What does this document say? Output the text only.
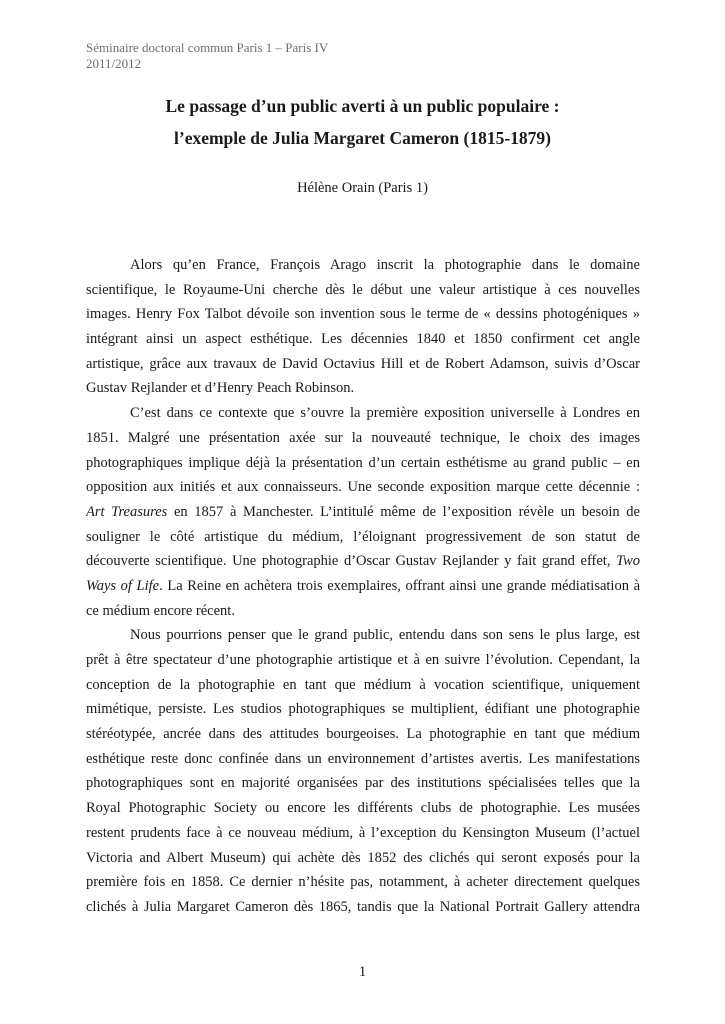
Séminaire doctoral commun Paris 1 – Paris IV
2011/2012
Le passage d’un public averti à un public populaire :
l’exemple de Julia Margaret Cameron (1815-1879)
Hélène Orain (Paris 1)
Alors qu’en France, François Arago inscrit la photographie dans le domaine
scientifique, le Royaume-Uni cherche dès le début une valeur artistique à ces nouvelles
images. Henry Fox Talbot dévoile son invention sous le terme de « dessins photogéniques »
intégrant ainsi un aspect esthétique. Les décennies 1840 et 1850 confirment cet angle
artistique, grâce aux travaux de David Octavius Hill et de Robert Adamson, suivis d’Oscar
Gustav Rejlander et d’Henry Peach Robinson.
C’est dans ce contexte que s’ouvre la première exposition universelle à Londres en
1851. Malgré une présentation axée sur la nouveauté technique, le choix des images
photographiques implique déjà la présentation d’un certain esthétisme au grand public – en
opposition aux initiés et aux connaisseurs. Une seconde exposition marque cette décennie :
Art Treasures en 1857 à Manchester. L’intitulé même de l’exposition révèle un besoin de
souligner le côté artistique du médium, l’éloignant progressivement de son statut de
découverte scientifique. Une photographie d’Oscar Gustav Rejlander y fait grand effet, Two
Ways of Life. La Reine en achètera trois exemplaires, offrant ainsi une grande médiatisation à
ce médium encore récent.
Nous pourrions penser que le grand public, entendu dans son sens le plus large, est
prêt à être spectateur d’une photographie artistique et à en suivre l’évolution. Cependant, la
conception de la photographie en tant que médium à vocation scientifique, uniquement
mimétique, persiste. Les studios photographiques se multiplient, édifiant une photographie
stéréotypée, ancrée dans des attitudes bourgeoises. La photographie en tant que médium
esthétique reste donc confinée dans un environnement d’artistes avertis. Les manifestations
photographiques sont en majorité organisées par des institutions spécialisées telles que la
Royal Photographic Society ou encore les différents clubs de photographie. Les musées
restent prudents face à ce nouveau médium, à l’exception du Kensington Museum (l’actuel
Victoria and Albert Museum) qui achète dès 1852 des clichés qui seront exposés pour la
première fois en 1858. Ce dernier n’hésite pas, notamment, à acheter directement quelques
clichés à Julia Margaret Cameron dès 1865, tandis que la National Portrait Gallery attendra
1
